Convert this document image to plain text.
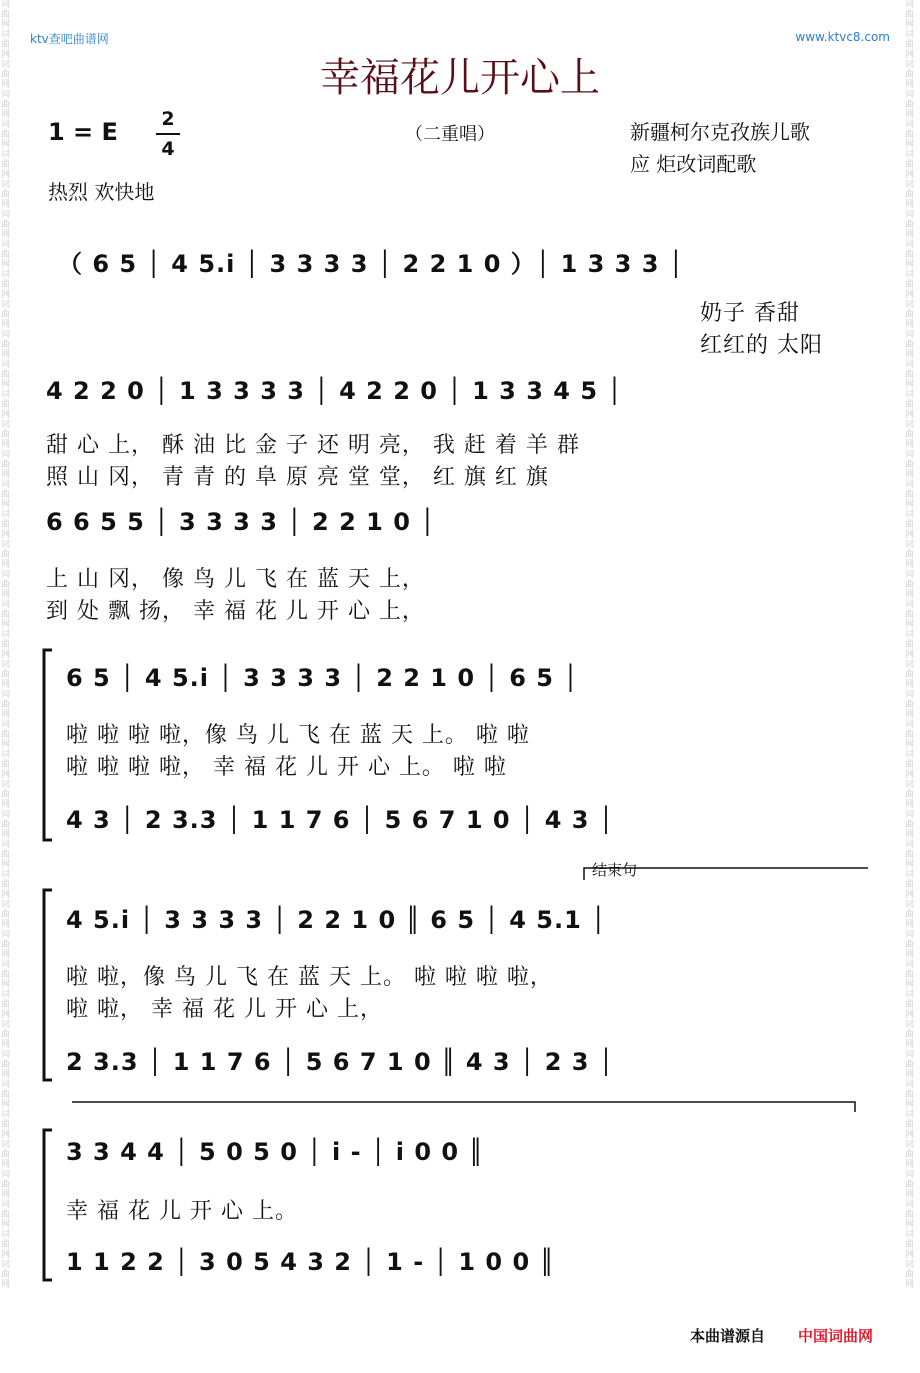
词曲网词曲网词曲网词曲网词曲网词曲网词曲网词曲网词曲网词曲网词曲网词曲网词曲网词曲网词曲网词曲网词曲网词曲网词曲网词曲网词曲网词曲网词曲网词曲网词曲网词曲网词曲网词曲网词曲网词曲网词曲网词曲网词曲网词曲网词曲网词曲网词曲网词曲网词曲网词曲网词曲网词曲网词曲网
词曲网词曲网词曲网词曲网词曲网词曲网词曲网词曲网词曲网词曲网词曲网词曲网词曲网词曲网词曲网词曲网词曲网词曲网词曲网词曲网词曲网词曲网词曲网词曲网词曲网词曲网词曲网词曲网词曲网词曲网词曲网词曲网词曲网词曲网词曲网词曲网词曲网词曲网词曲网词曲网词曲网词曲网词曲网
ktv查吧曲谱网	www.ktvc8.com
幸福花儿开心上
1 = E 2
4
热烈 欢快地
（二重唱）	新疆柯尔克孜族儿歌
应 炬改词配歌
（ 6 5 │ 4 5.i │ 3 3 3 3 │ 2 2 1 0 ）│ 1 3 3 3 │
奶子 香甜
红红的 太阳
4 2 2 0 │ 1 3 3 3 3 │ 4 2 2 0 │ 1 3 3 4 5 │
甜 心 上， 酥 油 比 金 子 还 明 亮， 我 赶 着 羊 群
照 山 冈， 青 青 的 阜 原 亮 堂 堂， 红 旗 红 旗
6 6 5 5 │ 3 3 3 3 │ 2 2 1 0 │
上 山 冈， 像 鸟 儿 飞 在 蓝 天 上，
到 处 飘 扬， 幸 福 花 儿 开 心 上，
6 5 │ 4 5.i │ 3 3 3 3 │ 2 2 1 0 │ 6 5 │
啦 啦 啦 啦，像 鸟 儿 飞 在 蓝 天 上。 啦 啦
啦 啦 啦 啦， 幸 福 花 儿 开 心 上。 啦 啦
4 3 │ 2 3.3 │ 1 1 7 6 │ 5 6 7 1 0 │ 4 3 │
结束句
4 5.i │ 3 3 3 3 │ 2 2 1 0 ║ 6 5 │ 4 5.1 │
啦 啦，像 鸟 儿 飞 在 蓝 天 上。 啦 啦 啦 啦，
啦 啦， 幸 福 花 儿 开 心 上，
2 3.3 │ 1 1 7 6 │ 5 6 7 1 0 ║ 4 3 │ 2 3 │
3 3 4 4 │ 5 0 5 0 │ i - │ i 0 0 ║
幸 福 花 儿 开 心 上。
1 1 2 2 │ 3 0 5 4 3 2 │ 1 - │ 1 0 0 ║
本曲谱源自 中国词曲网
